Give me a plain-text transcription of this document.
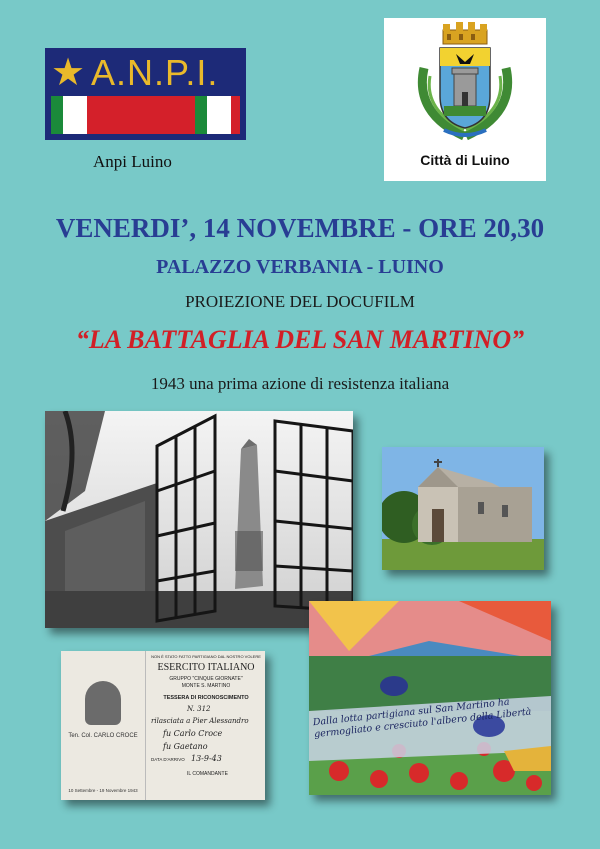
★ A.N.P.I.
Anpi Luino	Città di Luino
VENERDI’, 14 NOVEMBRE - ORE 20,30
PALAZZO VERBANIA - LUINO
PROIEZIONE DEL DOCUFILM
“LA BATTAGLIA DEL SAN MARTINO”
1943 una prima azione di resistenza italiana
Ten. Col. CARLO CROCE
10 Settembre - 19 Novembre 1943
NON È STATO FATTO PARTIGIANO DAL NOSTRO VOLERE
ESERCITO ITALIANO
GRUPPO "CINQUE GIORNATE"
MONTE S. MARTINO
TESSERA DI RICONOSCIMENTO
N. 312
rilasciata a Pier Alessandro
fu Carlo Croce
fu Gaetano
DATA D'ARRIVO 13-9-43
IL COMANDANTE
Dalla lotta partigiana sul San Martino ha germogliato e cresciuto l'albero della Libertà
